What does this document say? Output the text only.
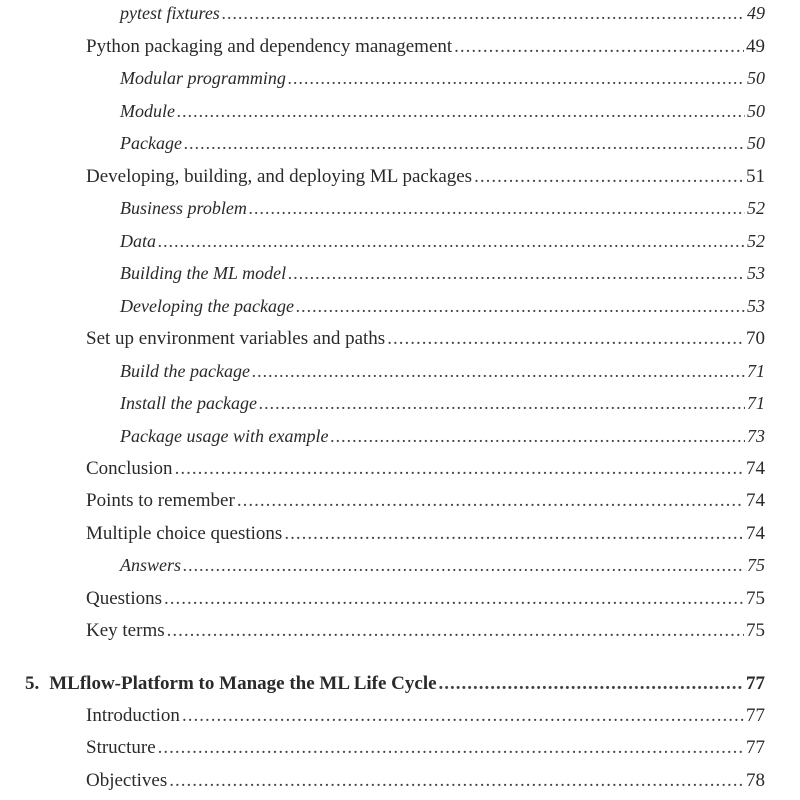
pytest fixtures .....	49
Python packaging and dependency management .....	49
Modular programming .....	50
Module .....	50
Package .....	50
Developing, building, and deploying ML packages .....	51
Business problem .....	52
Data .....	52
Building the ML model .....	53
Developing the package .....	53
Set up environment variables and paths .....	70
Build the package .....	71
Install the package .....	71
Package usage with example .....	73
Conclusion .....	74
Points to remember .....	74
Multiple choice questions .....	74
Answers .....	75
Questions .....	75
Key terms .....	75
5. MLflow-Platform to Manage the ML Life Cycle .....	77
Introduction .....	77
Structure .....	77
Objectives .....	78
